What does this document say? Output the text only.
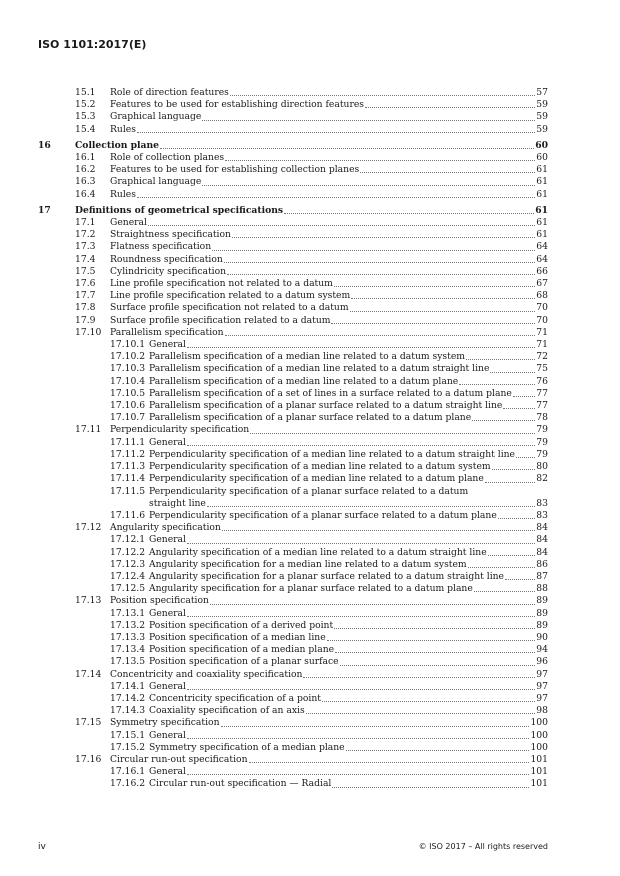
ISO 1101:2017(E)
15.1	Role of direction features	57
15.2	Features to be used for establishing direction features	59
15.3	Graphical language	59
15.4	Rules	59
16	Collection plane	60
16.1	Role of collection planes	60
16.2	Features to be used for establishing collection planes	61
16.3	Graphical language	61
16.4	Rules	61
17	Definitions of geometrical specifications	61
17.1	General	61
17.2	Straightness specification	61
17.3	Flatness specification	64
17.4	Roundness specification	64
17.5	Cylindricity specification	66
17.6	Line profile specification not related to a datum	67
17.7	Line profile specification related to a datum system	68
17.8	Surface profile specification not related to a datum	70
17.9	Surface profile specification related to a datum	70
17.10 Parallelism specification	71
17.10.1 General	71
17.10.2 Parallelism specification of a median line related to a datum system	72
17.10.3 Parallelism specification of a median line related to a datum straight line	75
17.10.4 Parallelism specification of a median line related to a datum plane	76
17.10.5 Parallelism specification of a set of lines in a surface related to a datum plane	77
17.10.6 Parallelism specification of a planar surface related to a datum straight line	77
17.10.7 Parallelism specification of a planar surface related to a datum plane	78
17.11 Perpendicularity specification	79
17.11.1 General	79
17.11.2 Perpendicularity specification of a median line related to a datum straight line 79
17.11.3 Perpendicularity specification of a median line related to a datum system	80
17.11.4 Perpendicularity specification of a median line related to a datum plane	82
17.11.5 Perpendicularity specification of a planar surface related to a datum
straight line	83
17.11.6 Perpendicularity specification of a planar surface related to a datum plane	83
17.12 Angularity specification	84
17.12.1 General	84
17.12.2 Angularity specification of a median line related to a datum straight line	84
17.12.3 Angularity specification for a median line related to a datum system	86
17.12.4 Angularity specification for a planar surface related to a datum straight line	87
17.12.5 Angularity specification for a planar surface related to a datum plane	88
17.13 Position specification	89
17.13.1 General	89
17.13.2 Position specification of a derived point	89
17.13.3 Position specification of a median line	90
17.13.4 Position specification of a median plane	94
17.13.5 Position specification of a planar surface	96
17.14 Concentricity and coaxiality specification	97
17.14.1 General	97
17.14.2 Concentricity specification of a point	97
17.14.3 Coaxiality specification of an axis	98
17.15 Symmetry specification	100
17.15.1 General	100
17.15.2 Symmetry specification of a median plane	100
17.16 Circular run-out specification	101
17.16.1 General	101
17.16.2 Circular run-out specification — Radial	101
iv	© ISO 2017 – All rights reserved
